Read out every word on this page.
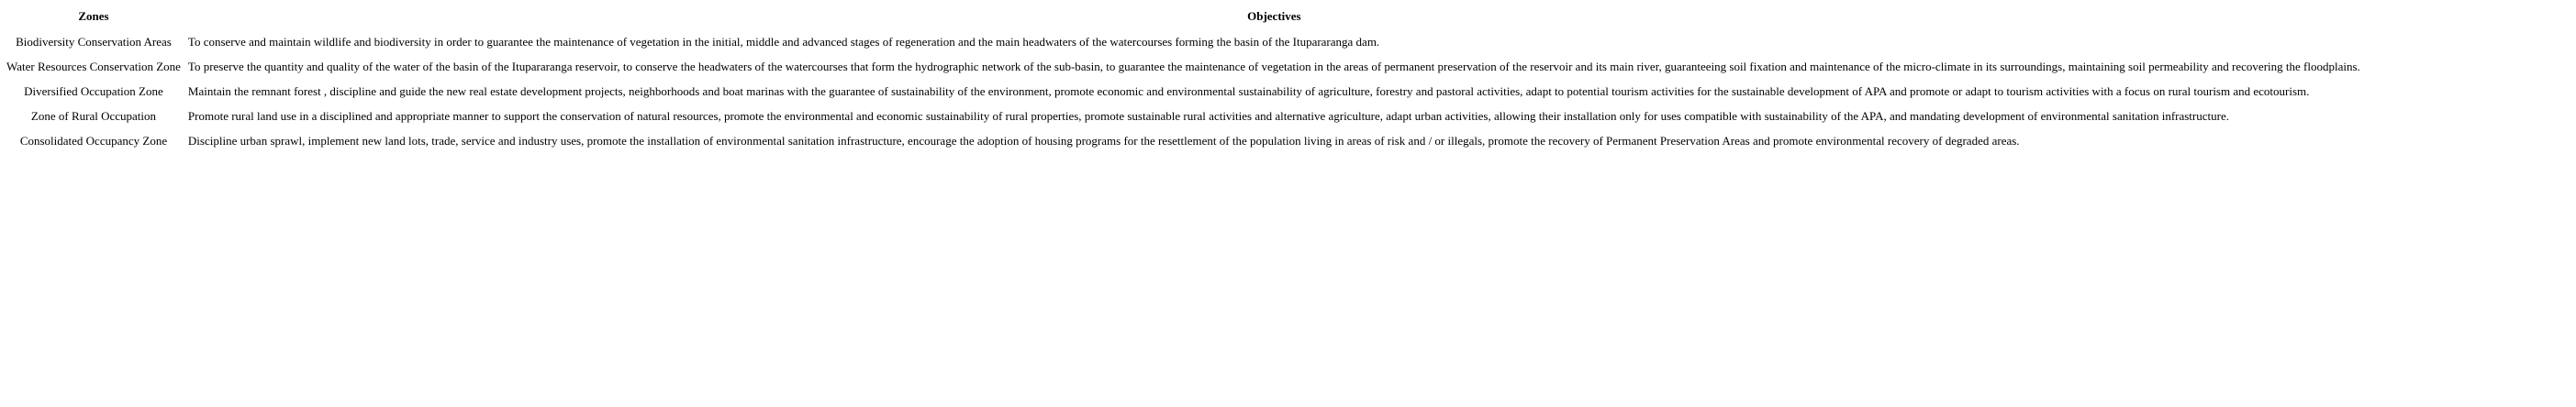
Zones	Objectives
Biodiversity Conservation Areas	To conserve and maintain wildlife and biodiversity in order to guarantee the maintenance of vegetation in the initial, middle and advanced stages of regeneration and the main headwaters of the watercourses forming the basin of the Itupararanga dam.
Water Resources Conservation Zone	To preserve the quantity and quality of the water of the basin of the Itupararanga reservoir, to conserve the headwaters of the watercourses that form the hydrographic network of the sub-basin, to guarantee the maintenance of vegetation in the areas of permanent preservation of the reservoir and its main river, guaranteeing soil fixation and maintenance of the micro-climate in its surroundings, maintaining soil permeability and recovering the floodplains.
Diversified Occupation Zone	Maintain the remnant forest , discipline and guide the new real estate development projects, neighborhoods and boat marinas with the guarantee of sustainability of the environment, promote economic and environmental sustainability of agriculture, forestry and pastoral activities, adapt to potential tourism activities for the sustainable development of APA and promote or adapt to tourism activities with a focus on rural tourism and ecotourism.
Zone of Rural Occupation	Promote rural land use in a disciplined and appropriate manner to support the conservation of natural resources, promote the environmental and economic sustainability of rural properties, promote sustainable rural activities and alternative agriculture, adapt urban activities, allowing their installation only for uses compatible with sustainability of the APA, and mandating development of environmental sanitation infrastructure.
Consolidated Occupancy Zone	Discipline urban sprawl, implement new land lots, trade, service and industry uses, promote the installation of environmental sanitation infrastructure, encourage the adoption of housing programs for the resettlement of the population living in areas of risk and / or illegals, promote the recovery of Permanent Preservation Areas and promote environmental recovery of degraded areas.
